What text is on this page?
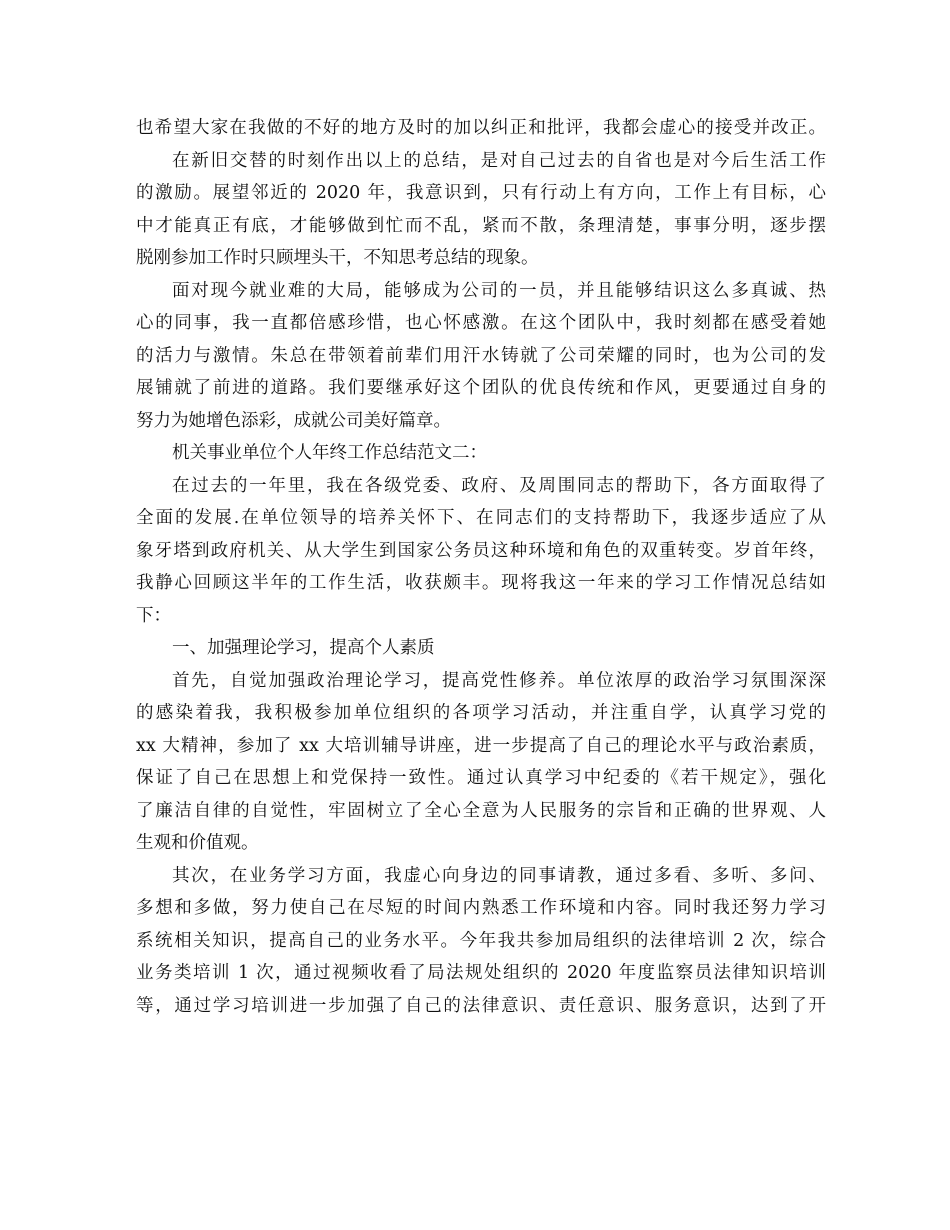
也希望大家在我做的不好的地方及时的加以纠正和批评，我都会虚心的接受并改正。
在新旧交替的时刻作出以上的总结，是对自己过去的自省也是对今后生活工作
的激励。展望邻近的 2020 年，我意识到，只有行动上有方向，工作上有目标，心
中才能真正有底，才能够做到忙而不乱，紧而不散，条理清楚，事事分明，逐步摆
脱刚参加工作时只顾埋头干，不知思考总结的现象。
面对现今就业难的大局，能够成为公司的一员，并且能够结识这么多真诚、热
心的同事，我一直都倍感珍惜，也心怀感激。在这个团队中，我时刻都在感受着她
的活力与激情。朱总在带领着前辈们用汗水铸就了公司荣耀的同时，也为公司的发
展铺就了前进的道路。我们要继承好这个团队的优良传统和作风，更要通过自身的
努力为她增色添彩，成就公司美好篇章。
机关事业单位个人年终工作总结范文二：
在过去的一年里，我在各级党委、政府、及周围同志的帮助下，各方面取得了
全面的发展.在单位领导的培养关怀下、在同志们的支持帮助下，我逐步适应了从
象牙塔到政府机关、从大学生到国家公务员这种环境和角色的双重转变。岁首年终，
我静心回顾这半年的工作生活，收获颇丰。现将我这一年来的学习工作情况总结如
下：
一、加强理论学习，提高个人素质
首先，自觉加强政治理论学习，提高党性修养。单位浓厚的政治学习氛围深深
的感染着我，我积极参加单位组织的各项学习活动，并注重自学，认真学习党的
xx 大精神，参加了 xx 大培训辅导讲座，进一步提高了自己的理论水平与政治素质，
保证了自己在思想上和党保持一致性。通过认真学习中纪委的《若干规定》，强化
了廉洁自律的自觉性，牢固树立了全心全意为人民服务的宗旨和正确的世界观、人
生观和价值观。
其次，在业务学习方面，我虚心向身边的同事请教，通过多看、多听、多问、
多想和多做，努力使自己在尽短的时间内熟悉工作环境和内容。同时我还努力学习
系统相关知识，提高自己的业务水平。今年我共参加局组织的法律培训 2 次，综合
业务类培训 1 次，通过视频收看了局法规处组织的 2020 年度监察员法律知识培训
等，通过学习培训进一步加强了自己的法律意识、责任意识、服务意识，达到了开
